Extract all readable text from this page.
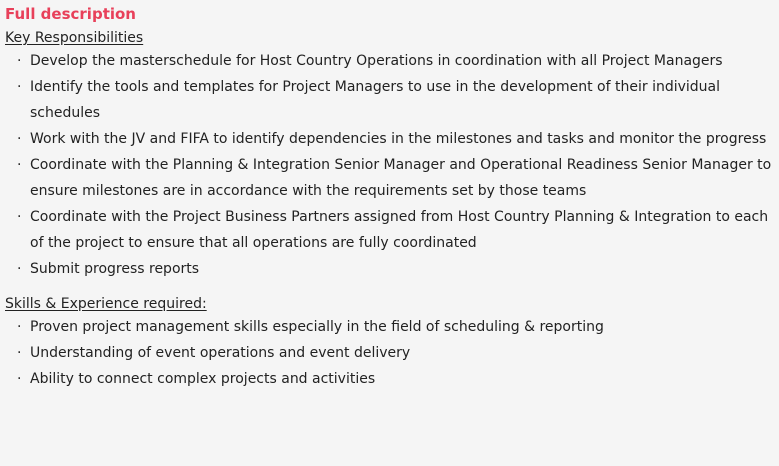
Full description
Key Responsibilities
· Develop the masterschedule for Host Country Operations in coordination with all Project Managers
· Identify the tools and templates for Project Managers to use in the development of their individual schedules
· Work with the JV and FIFA to identify dependencies in the milestones and tasks and monitor the progress
· Coordinate with the Planning & Integration Senior Manager and Operational Readiness Senior Manager to ensure milestones are in accordance with the requirements set by those teams
· Coordinate with the Project Business Partners assigned from Host Country Planning & Integration to each of the project to ensure that all operations are fully coordinated
· Submit progress reports
Skills & Experience required:
· Proven project management skills especially in the field of scheduling & reporting
· Understanding of event operations and event delivery
· Ability to connect complex projects and activities
